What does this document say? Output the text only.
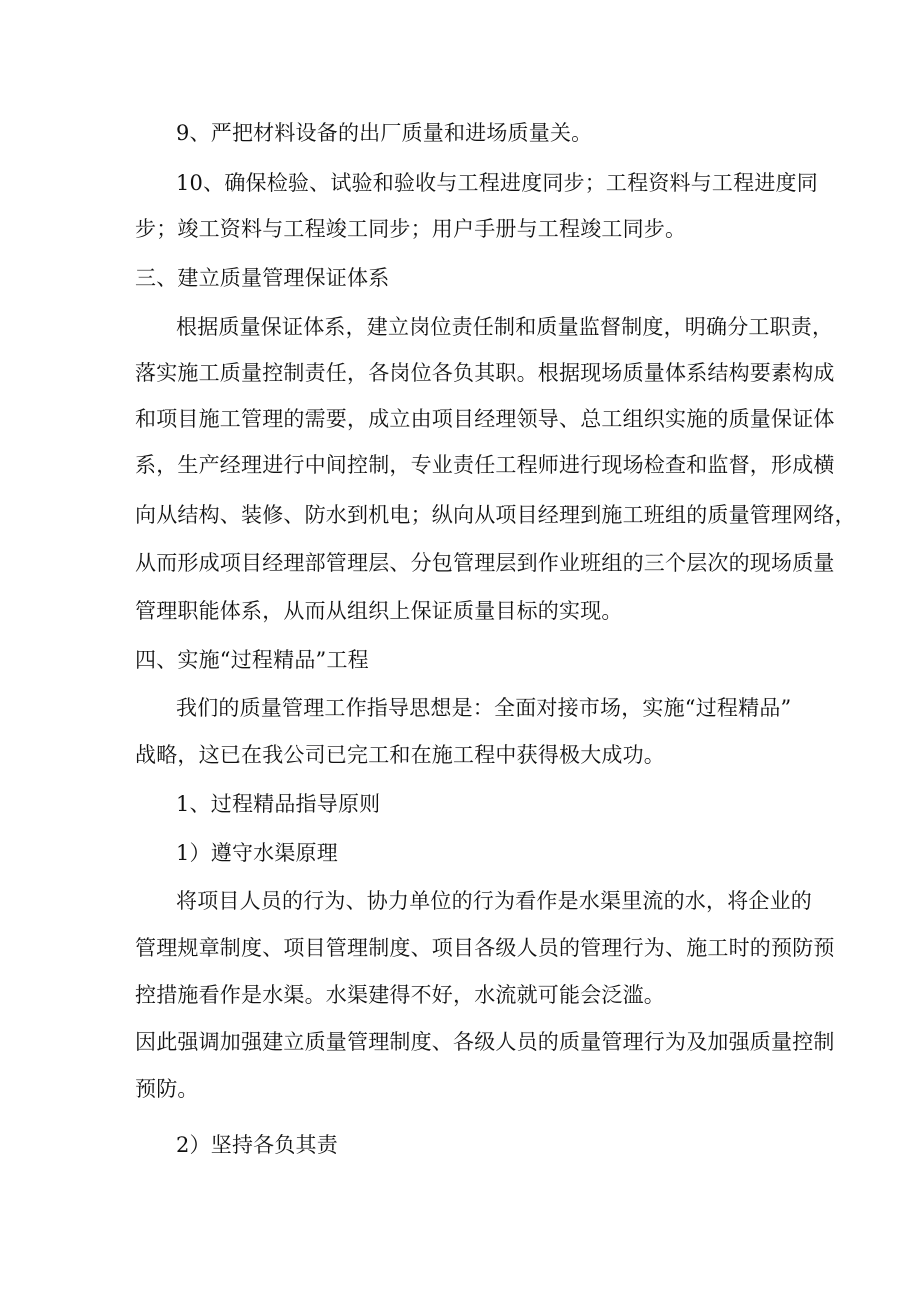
9、严把材料设备的出厂质量和进场质量关。
10、确保检验、试验和验收与工程进度同步；工程资料与工程进度同
步；竣工资料与工程竣工同步；用户手册与工程竣工同步。
三、建立质量管理保证体系
根据质量保证体系，建立岗位责任制和质量监督制度，明确分工职责，
落实施工质量控制责任，各岗位各负其职。根据现场质量体系结构要素构成
和项目施工管理的需要，成立由项目经理领导、总工组织实施的质量保证体
系，生产经理进行中间控制，专业责任工程师进行现场检查和监督，形成横
向从结构、装修、防水到机电；纵向从项目经理到施工班组的质量管理网络，
从而形成项目经理部管理层、分包管理层到作业班组的三个层次的现场质量
管理职能体系，从而从组织上保证质量目标的实现。
四、实施“过程精品”工程
我们的质量管理工作指导思想是：全面对接市场，实施“过程精品”
战略，这已在我公司已完工和在施工程中获得极大成功。
1、过程精品指导原则
1）遵守水渠原理
将项目人员的行为、协力单位的行为看作是水渠里流的水，将企业的
管理规章制度、项目管理制度、项目各级人员的管理行为、施工时的预防预
控措施看作是水渠。水渠建得不好，水流就可能会泛滥。
因此强调加强建立质量管理制度、各级人员的质量管理行为及加强质量控制
预防。
2）坚持各负其责
